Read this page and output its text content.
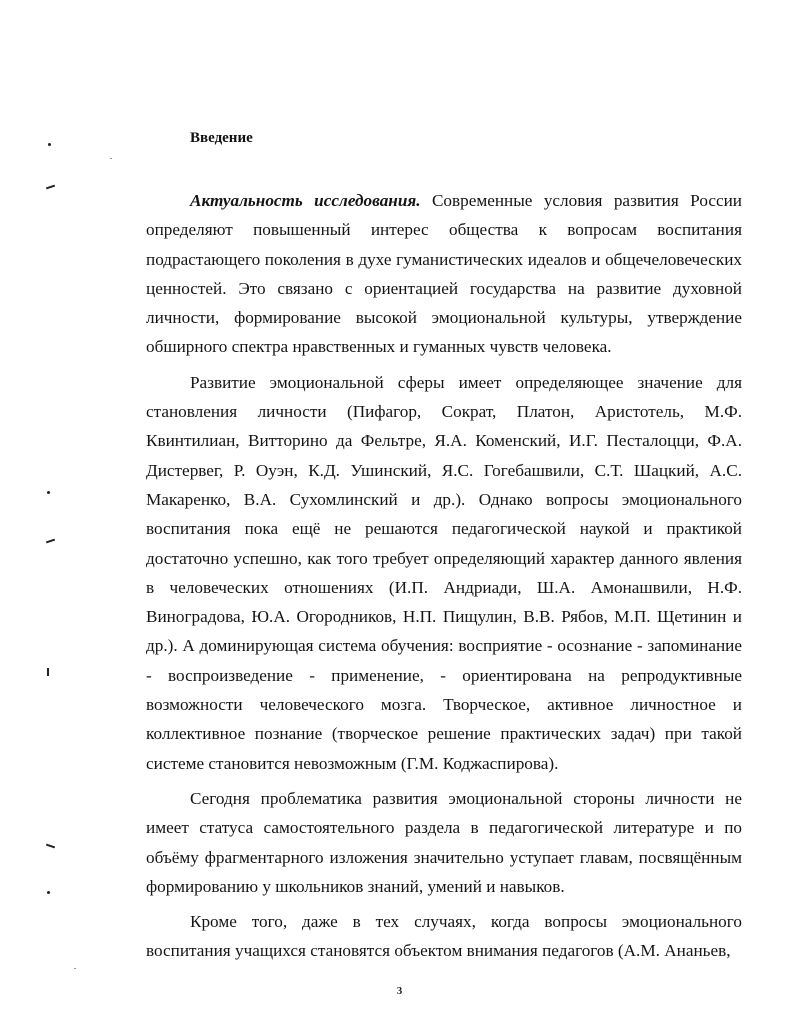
Введение

Актуальность исследования. Современные условия развития России определяют повышенный интерес общества к вопросам воспитания подрастающего поколения в духе гуманистических идеалов и общечеловеческих ценностей. Это связано с ориентацией государства на развитие духовной личности, формирование высокой эмоциональной культуры, утверждение обширного спектра нравственных и гуманных чувств человека.

Развитие эмоциональной сферы имеет определяющее значение для становления личности (Пифагор, Сократ, Платон, Аристотель, М.Ф. Квинтилиан, Витторино да Фельтре, Я.А. Коменский, И.Г. Песталоцци, Ф.А. Дистервег, Р. Оуэн, К.Д. Ушинский, Я.С. Гогебашвили, С.Т. Шацкий, А.С. Макаренко, В.А. Сухомлинский и др.). Однако вопросы эмоционального воспитания пока ещё не решаются педагогической наукой и практикой достаточно успешно, как того требует определяющий характер данного явления в человеческих отношениях (И.П. Андриади, Ш.А. Амонашвили, Н.Ф. Виноградова, Ю.А. Огородников, Н.П. Пищулин, В.В. Рябов, М.П. Щетинин и др.). А доминирующая система обучения: восприятие - осознание - запоминание - воспроизведение - применение, - ориентирована на репродуктивные возможности человеческого мозга. Творческое, активное личностное и коллективное познание (творческое решение практических задач) при такой системе становится невозможным (Г.М. Коджаспирова).

Сегодня проблематика развития эмоциональной стороны личности не имеет статуса самостоятельного раздела в педагогической литературе и по объёму фрагментарного изложения значительно уступает главам, посвящённым формированию у школьников знаний, умений и навыков.

Кроме того, даже в тех случаях, когда вопросы эмоционального воспитания учащихся становятся объектом внимания педагогов (А.М. Ананьев,

3
